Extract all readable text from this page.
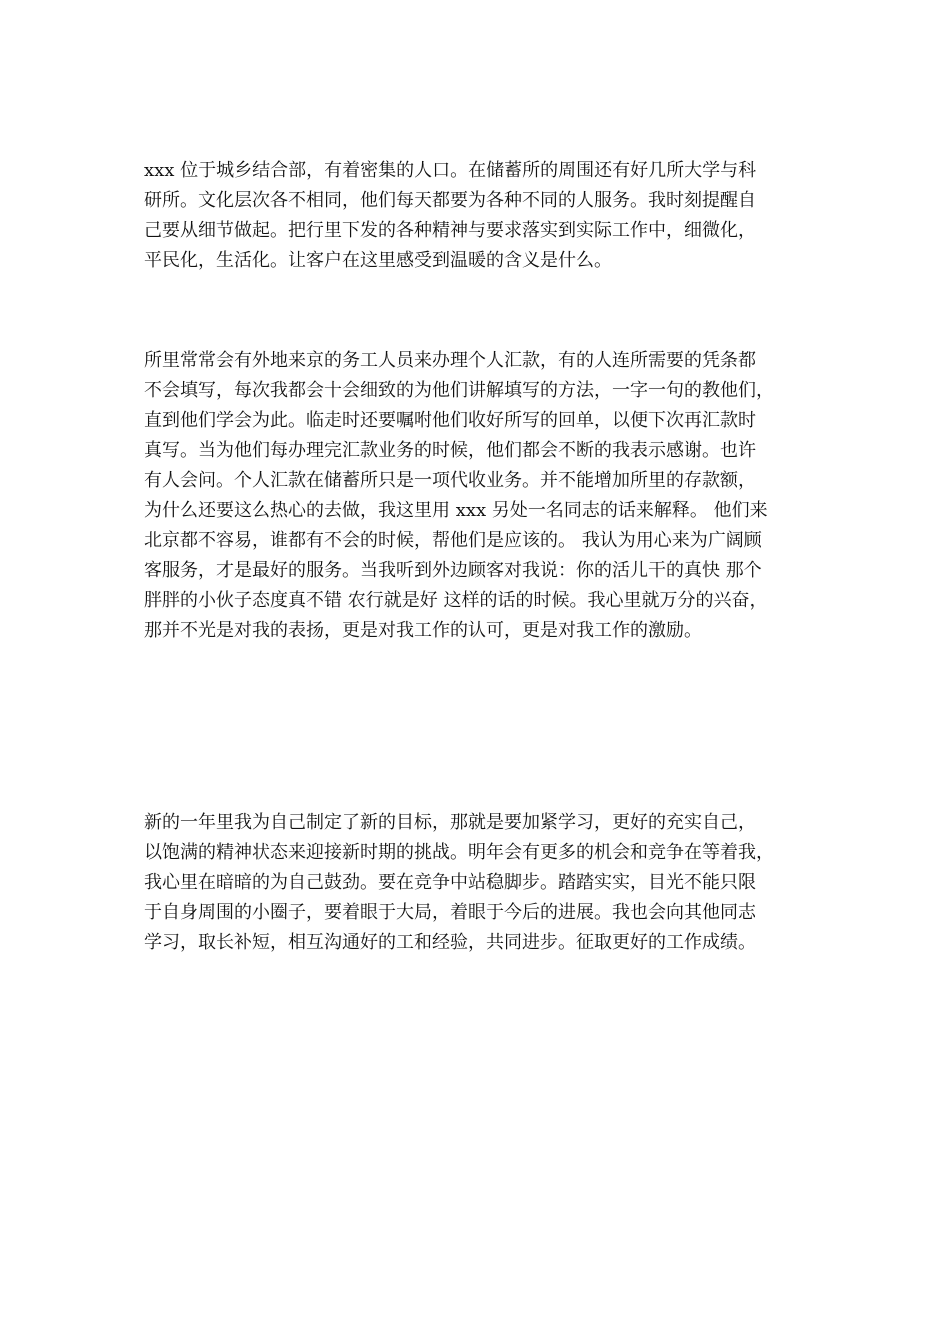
xxx 位于城乡结合部，有着密集的人口。在储蓄所的周围还有好几所大学与科
研所。文化层次各不相同，他们每天都要为各种不同的人服务。我时刻提醒自
己要从细节做起。把行里下发的各种精神与要求落实到实际工作中，细微化，
平民化，生活化。让客户在这里感受到温暖的含义是什么。

所里常常会有外地来京的务工人员来办理个人汇款，有的人连所需要的凭条都
不会填写，每次我都会十会细致的为他们讲解填写的方法，一字一句的教他们，
直到他们学会为此。临走时还要嘱咐他们收好所写的回单，以便下次再汇款时
真写。当为他们每办理完汇款业务的时候，他们都会不断的我表示感谢。也许
有人会问。个人汇款在储蓄所只是一项代收业务。并不能增加所里的存款额，
为什么还要这么热心的去做，我这里用 xxx 另处一名同志的话来解释。 他们来
北京都不容易，谁都有不会的时候，帮他们是应该的。 我认为用心来为广阔顾
客服务，才是最好的服务。当我听到外边顾客对我说：你的活儿干的真快 那个
胖胖的小伙子态度真不错 农行就是好 这样的话的时候。我心里就万分的兴奋，
那并不光是对我的表扬，更是对我工作的认可，更是对我工作的激励。

新的一年里我为自己制定了新的目标，那就是要加紧学习，更好的充实自己，
以饱满的精神状态来迎接新时期的挑战。明年会有更多的机会和竞争在等着我，
我心里在暗暗的为自己鼓劲。要在竞争中站稳脚步。踏踏实实，目光不能只限
于自身周围的小圈子，要着眼于大局，着眼于今后的进展。我也会向其他同志
学习，取长补短，相互沟通好的工和经验，共同进步。征取更好的工作成绩。
